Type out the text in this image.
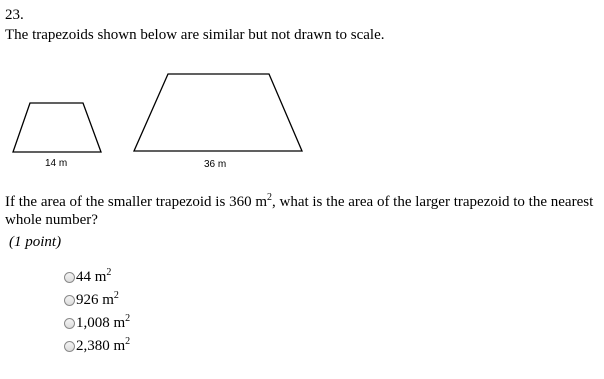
23.
The trapezoids shown below are similar but not drawn to scale.
14 m	36 m
If the area of the smaller trapezoid is 360 $m^2$, what is the area of the larger trapezoid to the nearest whole number?
(1 point)
44 $m^2$
926 $m^2$
1,008 $m^2$
2,380 $m^2$
